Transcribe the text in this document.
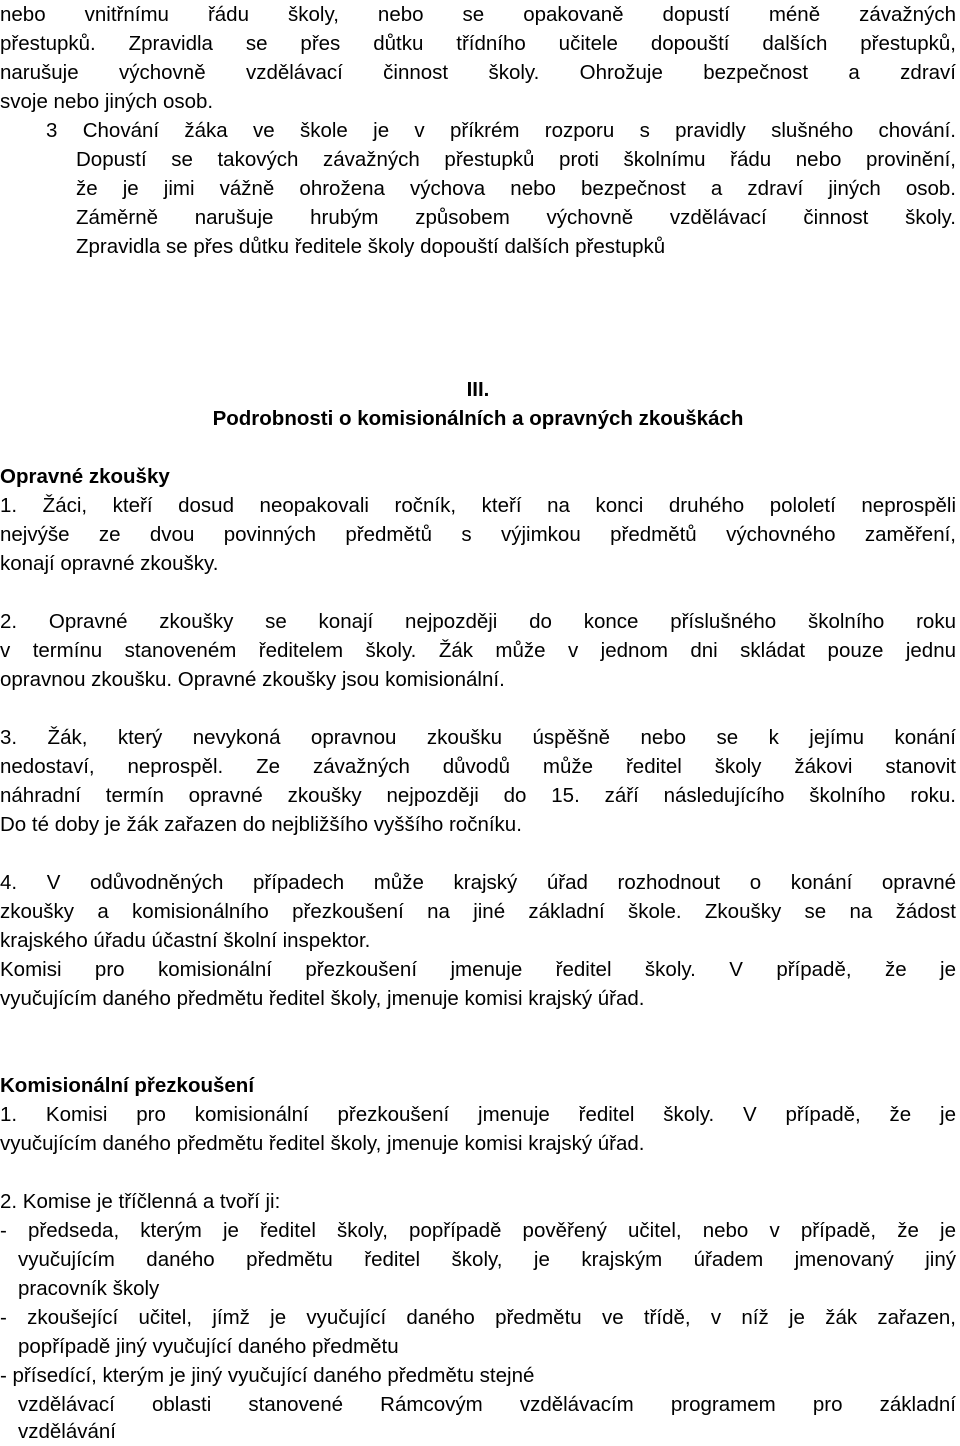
nebo vnitřnímu řádu školy, nebo se opakovaně dopustí méně závažných
přestupků. Zpravidla se přes důtku třídního učitele dopouští dalších přestupků,
narušuje výchovně vzdělávací činnost školy. Ohrožuje bezpečnost a zdraví
svoje nebo jiných osob.
3 Chování žáka ve škole je v příkrém rozporu s pravidly slušného chování.
Dopustí se takových závažných přestupků proti školnímu řádu nebo provinění,
že je jimi vážně ohrožena výchova nebo bezpečnost a zdraví jiných osob.
Záměrně narušuje hrubým způsobem výchovně vzdělávací činnost školy.
Zpravidla se přes důtku ředitele školy dopouští dalších přestupků
III.
Podrobnosti o komisionálních a opravných zkouškách
Opravné zkoušky
1. Žáci, kteří dosud neopakovali ročník, kteří na konci druhého pololetí neprospěli
nejvýše ze dvou povinných předmětů s výjimkou předmětů výchovného zaměření,
konají opravné zkoušky.
2. Opravné zkoušky se konají nejpozději do konce příslušného školního roku
v termínu stanoveném ředitelem školy. Žák může v jednom dni skládat pouze jednu
opravnou zkoušku. Opravné zkoušky jsou komisionální.
3. Žák, který nevykoná opravnou zkoušku úspěšně nebo se k jejímu konání
nedostaví, neprospěl. Ze závažných důvodů může ředitel školy žákovi stanovit
náhradní termín opravné zkoušky nejpozději do 15. září následujícího školního roku.
Do té doby je žák zařazen do nejbližšího vyššího ročníku.
4. V odůvodněných případech může krajský úřad rozhodnout o konání opravné
zkoušky a komisionálního přezkoušení na jiné základní škole. Zkoušky se na žádost
krajského úřadu účastní školní inspektor.
Komisi pro komisionální přezkoušení jmenuje ředitel školy. V případě, že je
vyučujícím daného předmětu ředitel školy, jmenuje komisi krajský úřad.
Komisionální přezkoušení
1. Komisi pro komisionální přezkoušení jmenuje ředitel školy. V případě, že je
vyučujícím daného předmětu ředitel školy, jmenuje komisi krajský úřad.
2. Komise je tříčlenná a tvoří ji:
- předseda, kterým je ředitel školy, popřípadě pověřený učitel, nebo v případě, že je
vyučujícím daného předmětu ředitel školy, je krajským úřadem jmenovaný jiný
pracovník školy
- zkoušející učitel, jímž je vyučující daného předmětu ve třídě, v níž je žák zařazen,
popřípadě jiný vyučující daného předmětu
- přísedící, kterým je jiný vyučující daného předmětu stejné
vzdělávací oblasti stanovené Rámcovým vzdělávacím programem pro základní
vzdělávání
